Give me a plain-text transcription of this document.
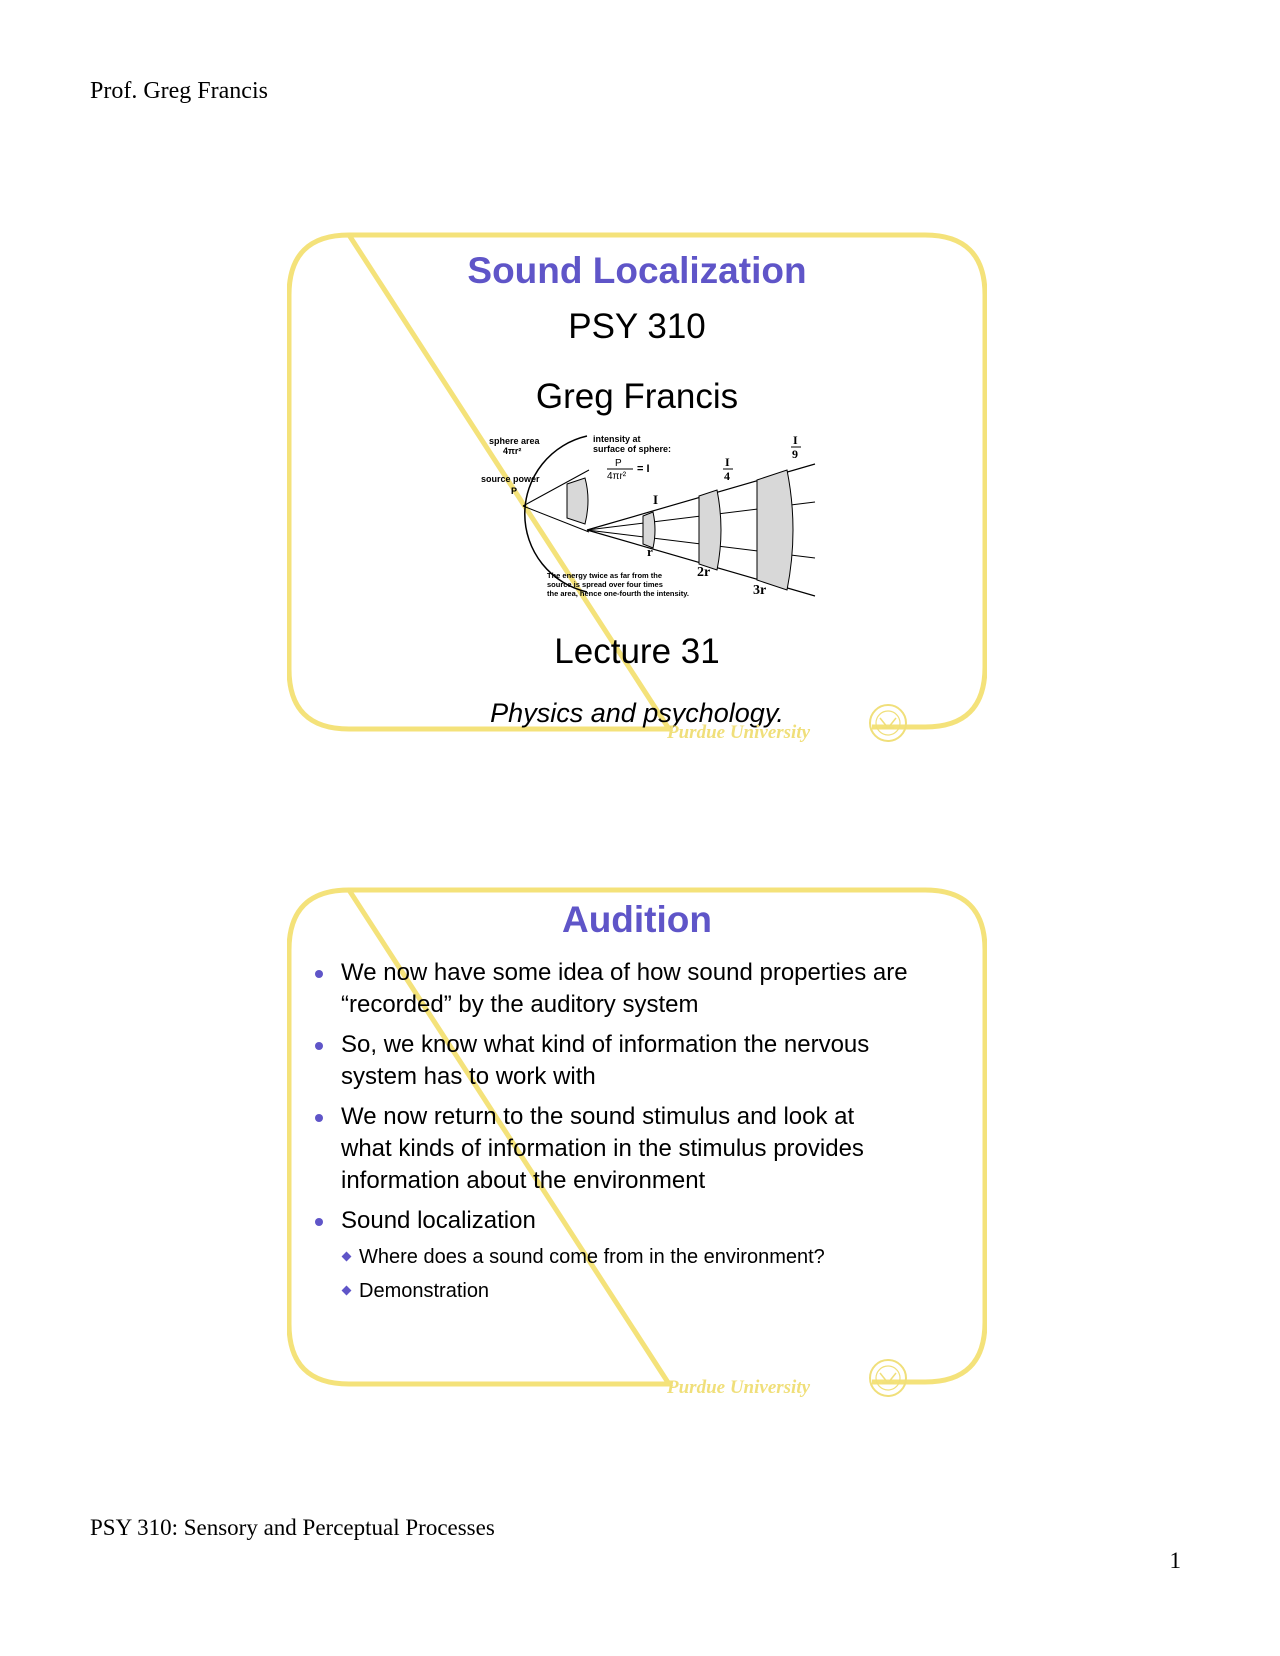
Prof. Greg Francis
Sound Localization
PSY 310
Greg Francis
sphere area
4πr²
intensity at
surface of sphere:
P
4πr²
= I
source power
P
I
I
4
I
9
r
2r
3r
The energy twice as far from the
source is spread over four times
the area, hence one-fourth the intensity.
Lecture 31
Physics and psychology.
Purdue University
Audition
We now have some idea of how sound properties are “recorded” by the auditory system
So, we know what kind of information the nervous system has to work with
We now return to the sound stimulus and look at what kinds of information in the stimulus provides information about the environment
Sound localization
Where does a sound come from in the environment?
Demonstration
Purdue University
PSY 310: Sensory and Perceptual Processes
1
